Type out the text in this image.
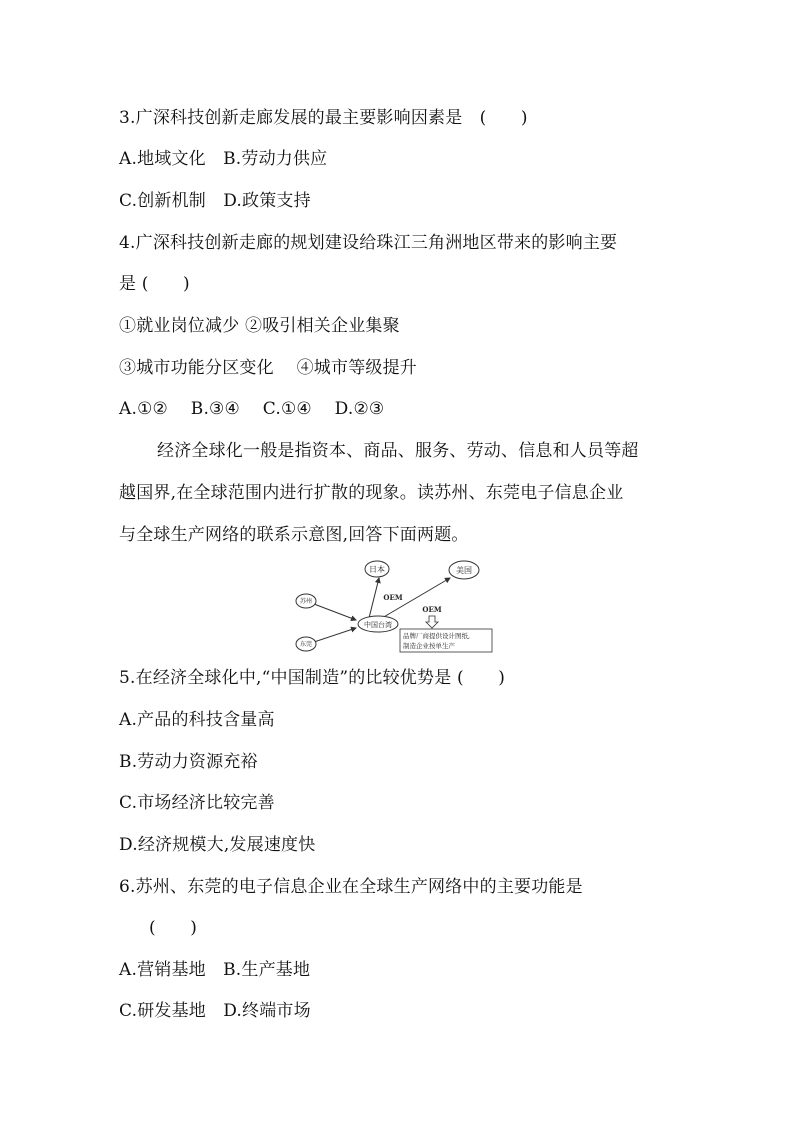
3.广深科技创新走廊发展的最主要影响因素是　(　　)
A.地域文化　B.劳动力供应
C.创新机制　D.政策支持
4.广深科技创新走廊的规划建设给珠江三角洲地区带来的影响主要
是 (　　)
①就业岗位减少 ②吸引相关企业集聚
③城市功能分区变化　 ④城市等级提升
A.①②　 B.③④　 C.①④　 D.②③
经济全球化一般是指资本、商品、服务、劳动、信息和人员等超
越国界,在全球范围内进行扩散的现象。读苏州、东莞电子信息企业
与全球生产网络的联系示意图,回答下面两题。
日本	美国
苏州
东莞
中国台湾
OEM
OEM
品牌厂商提供设计图纸,
制造企业按单生产
5.在经济全球化中,“中国制造”的比较优势是 (　　)
A.产品的科技含量高
B.劳动力资源充裕
C.市场经济比较完善
D.经济规模大,发展速度快
6.苏州、东莞的电子信息企业在全球生产网络中的主要功能是
(　　)
A.营销基地　B.生产基地
C.研发基地　D.终端市场
